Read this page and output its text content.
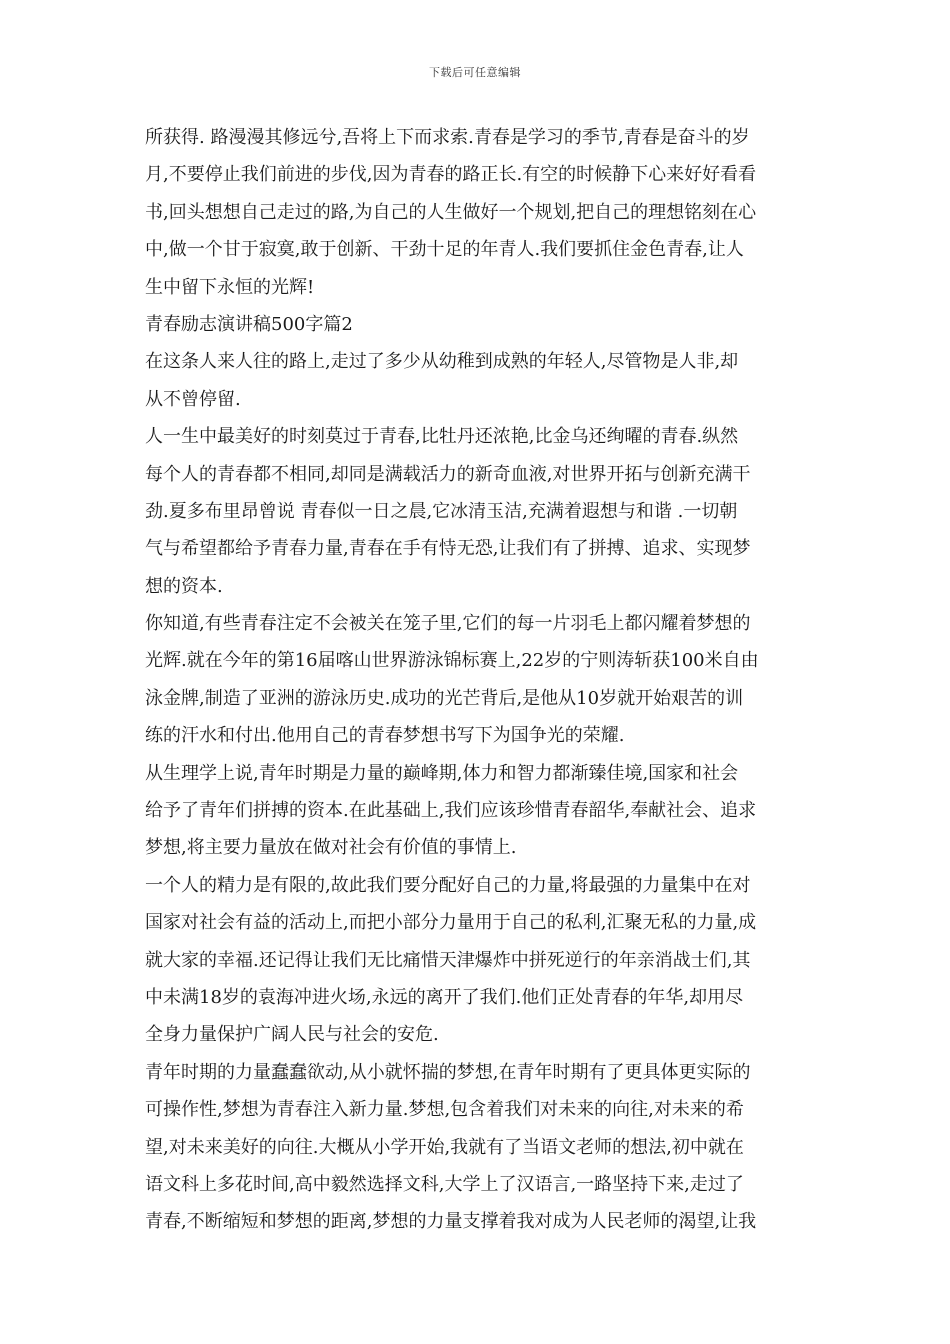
下载后可任意编辑
所获得. 路漫漫其修远兮,吾将上下而求索.青春是学习的季节,青春是奋斗的岁
月,不要停止我们前进的步伐,因为青春的路正长.有空的时候静下心来好好看看
书,回头想想自己走过的路,为自己的人生做好一个规划,把自己的理想铭刻在心
中,做一个甘于寂寞,敢于创新、干劲十足的年青人.我们要抓住金色青春,让人
生中留下永恒的光辉!
青春励志演讲稿500字篇2
在这条人来人往的路上,走过了多少从幼稚到成熟的年轻人,尽管物是人非,却
从不曾停留.
人一生中最美好的时刻莫过于青春,比牡丹还浓艳,比金乌还绚曜的青春.纵然
每个人的青春都不相同,却同是满载活力的新奇血液,对世界开拓与创新充满干
劲.夏多布里昂曾说 青春似一日之晨,它冰清玉洁,充满着遐想与和谐 .一切朝
气与希望都给予青春力量,青春在手有恃无恐,让我们有了拼搏、追求、实现梦
想的资本.
你知道,有些青春注定不会被关在笼子里,它们的每一片羽毛上都闪耀着梦想的
光辉.就在今年的第16届喀山世界游泳锦标赛上,22岁的宁则涛斩获100米自由
泳金牌,制造了亚洲的游泳历史.成功的光芒背后,是他从10岁就开始艰苦的训
练的汗水和付出.他用自己的青春梦想书写下为国争光的荣耀.
从生理学上说,青年时期是力量的巅峰期,体力和智力都渐臻佳境,国家和社会
给予了青年们拼搏的资本.在此基础上,我们应该珍惜青春韶华,奉献社会、追求
梦想,将主要力量放在做对社会有价值的事情上.
一个人的精力是有限的,故此我们要分配好自己的力量,将最强的力量集中在对
国家对社会有益的活动上,而把小部分力量用于自己的私利,汇聚无私的力量,成
就大家的幸福.还记得让我们无比痛惜天津爆炸中拼死逆行的年亲消战士们,其
中未满18岁的袁海冲进火场,永远的离开了我们.他们正处青春的年华,却用尽
全身力量保护广阔人民与社会的安危.
青年时期的力量蠢蠢欲动,从小就怀揣的梦想,在青年时期有了更具体更实际的
可操作性,梦想为青春注入新力量.梦想,包含着我们对未来的向往,对未来的希
望,对未来美好的向往.大概从小学开始,我就有了当语文老师的想法,初中就在
语文科上多花时间,高中毅然选择文科,大学上了汉语言,一路坚持下来,走过了
青春,不断缩短和梦想的距离,梦想的力量支撑着我对成为人民老师的渴望,让我
